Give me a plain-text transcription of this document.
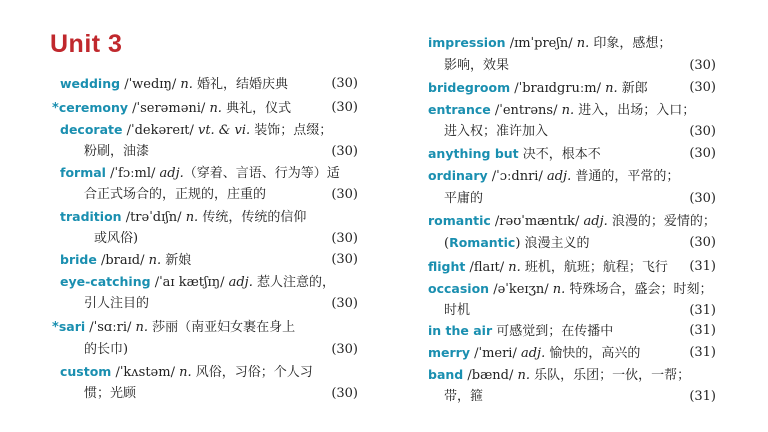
Unit 3
wedding /ˈwedɪŋ/ n. 婚礼，结婚庆典	(30)
*ceremony /ˈserəməni/ n. 典礼，仪式	(30)
decorate /ˈdekəreɪt/ vt. & vi. 装饰；点缀；
粉刷，油漆	(30)
formal /ˈfɔːml/ adj.（穿着、言语、行为等）适
合正式场合的，正规的，庄重的	(30)
tradition /trəˈdɪʃn/ n. 传统，传统的信仰
或风俗)	(30)
bride /braɪd/ n. 新娘	(30)
eye-catching /ˈaɪ kætʃɪŋ/ adj. 惹人注意的，
引人注目的	(30)
*sari /ˈsɑːri/ n. 莎丽（南亚妇女裹在身上
的长巾)	(30)
custom /ˈkʌstəm/ n. 风俗，习俗；个人习
惯；光顾	(30)
impression /ɪmˈpreʃn/ n. 印象，感想；
影响，效果	(30)
bridegroom /ˈbraɪdgruːm/ n. 新郎	(30)
entrance /ˈentrəns/ n. 进入，出场；入口；
进入权；准许加入	(30)
anything but 决不，根本不	(30)
ordinary /ˈɔːdnri/ adj. 普通的，平常的；
平庸的	(30)
romantic /rəʊˈmæntɪk/ adj. 浪漫的；爱情的；
(Romantic) 浪漫主义的	(30)
flight /flaɪt/ n. 班机，航班；航程；飞行 (31)
occasion /əˈkeɪʒn/ n. 特殊场合，盛会；时刻；
时机	(31)
in the air 可感觉到；在传播中	(31)
merry /ˈmeri/ adj. 愉快的，高兴的	(31)
band /bænd/ n. 乐队，乐团；一伙，一帮；
带，箍	(31)
